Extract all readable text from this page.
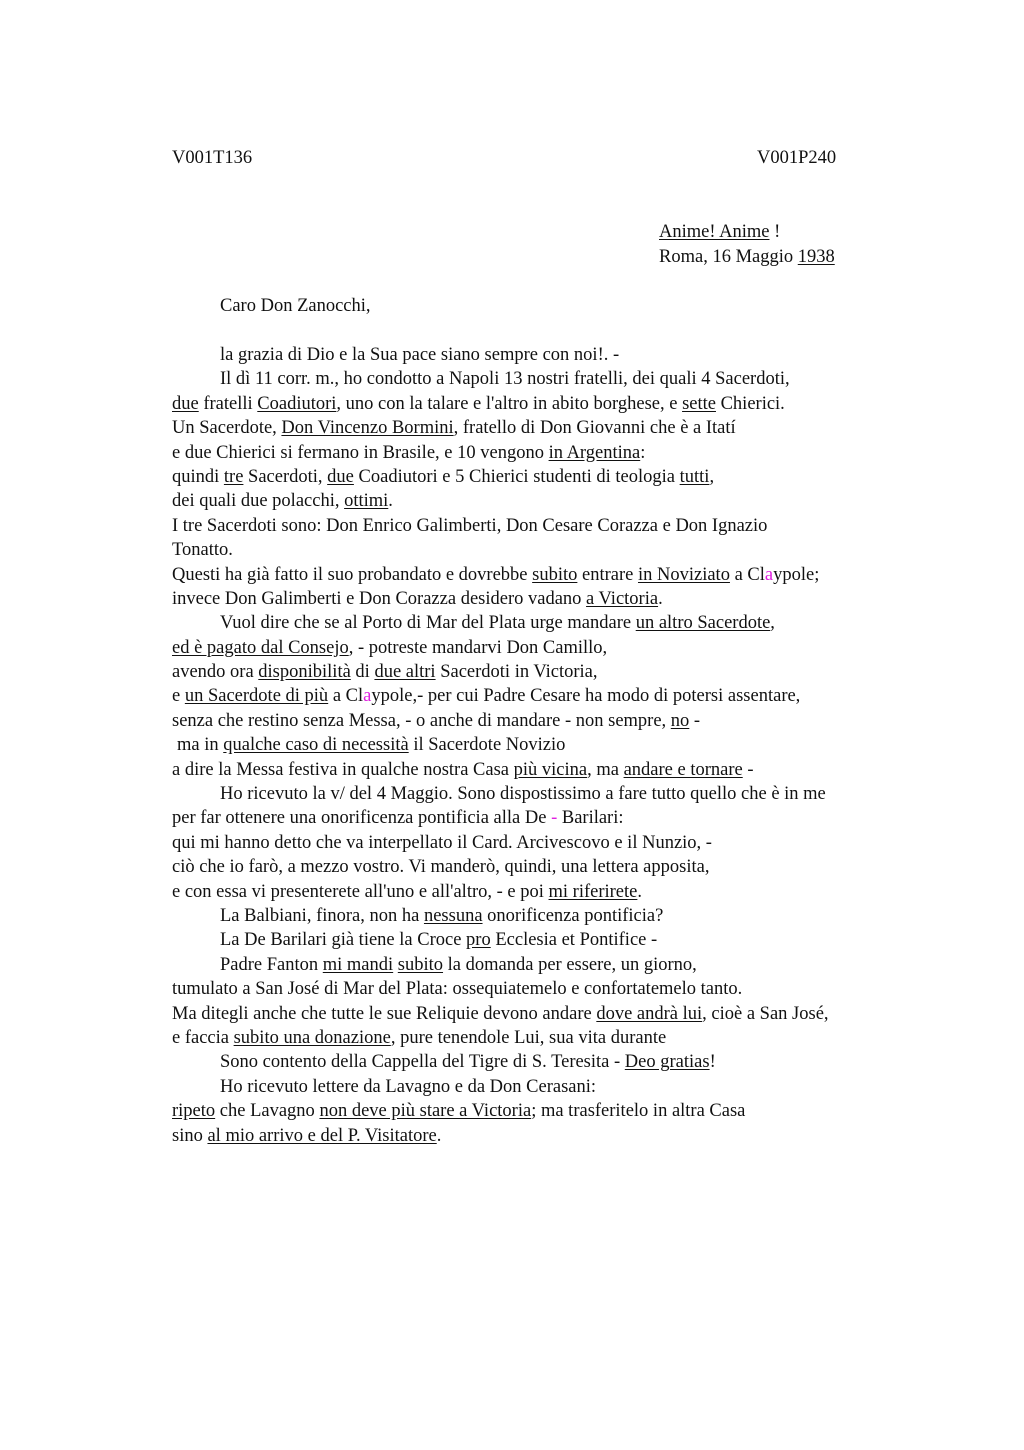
V001T136	V001P240
Anime! Anime !
Roma, 16 Maggio 1938
Caro Don Zanocchi,
la grazia di Dio e la Sua pace siano sempre con noi!. -
Il dì 11 corr. m., ho condotto a Napoli 13 nostri fratelli, dei quali 4 Sacerdoti,
due fratelli Coadiutori, uno con la talare e l'altro in abito borghese, e sette Chierici.
Un Sacerdote, Don Vincenzo Bormini, fratello di Don Giovanni che è a Itatí
e due Chierici si fermano in Brasile, e 10 vengono in Argentina:
quindi tre Sacerdoti, due Coadiutori e 5 Chierici studenti di teologia tutti,
dei quali due polacchi, ottimi.
I tre Sacerdoti sono: Don Enrico Galimberti, Don Cesare Corazza e Don Ignazio
Tonatto.
Questi ha già fatto il suo probandato e dovrebbe subito entrare in Noviziato a Claypole;
invece Don Galimberti e Don Corazza desidero vadano a Victoria.
Vuol dire che se al Porto di Mar del Plata urge mandare un altro Sacerdote,
ed è pagato dal Consejo, - potreste mandarvi Don Camillo,
avendo ora disponibilità di due altri Sacerdoti in Victoria,
e un Sacerdote di più a Claypole,- per cui Padre Cesare ha modo di potersi assentare,
senza che restino senza Messa, - o anche di mandare - non sempre, no -
ma in qualche caso di necessità il Sacerdote Novizio
a dire la Messa festiva in qualche nostra Casa più vicina, ma andare e tornare -
Ho ricevuto la v/ del 4 Maggio. Sono dispostissimo a fare tutto quello che è in me
per far ottenere una onorificenza pontificia alla De - Barilari:
qui mi hanno detto che va interpellato il Card. Arcivescovo e il Nunzio, -
ciò che io farò, a mezzo vostro. Vi manderò, quindi, una lettera apposita,
e con essa vi presenterete all'uno e all'altro, - e poi mi riferirete.
La Balbiani, finora, non ha nessuna onorificenza pontificia?
La De Barilari già tiene la Croce pro Ecclesia et Pontifice -
Padre Fanton mi mandi subito la domanda per essere, un giorno,
tumulato a San José di Mar del Plata: ossequiatemelo e confortatemelo tanto.
Ma ditegli anche che tutte le sue Reliquie devono andare dove andrà lui, cioè a San José,
e faccia subito una donazione, pure tenendole Lui, sua vita durante
Sono contento della Cappella del Tigre di S. Teresita - Deo gratias!
Ho ricevuto lettere da Lavagno e da Don Cerasani:
ripeto che Lavagno non deve più stare a Victoria; ma trasferitelo in altra Casa
sino al mio arrivo e del P. Visitatore.
